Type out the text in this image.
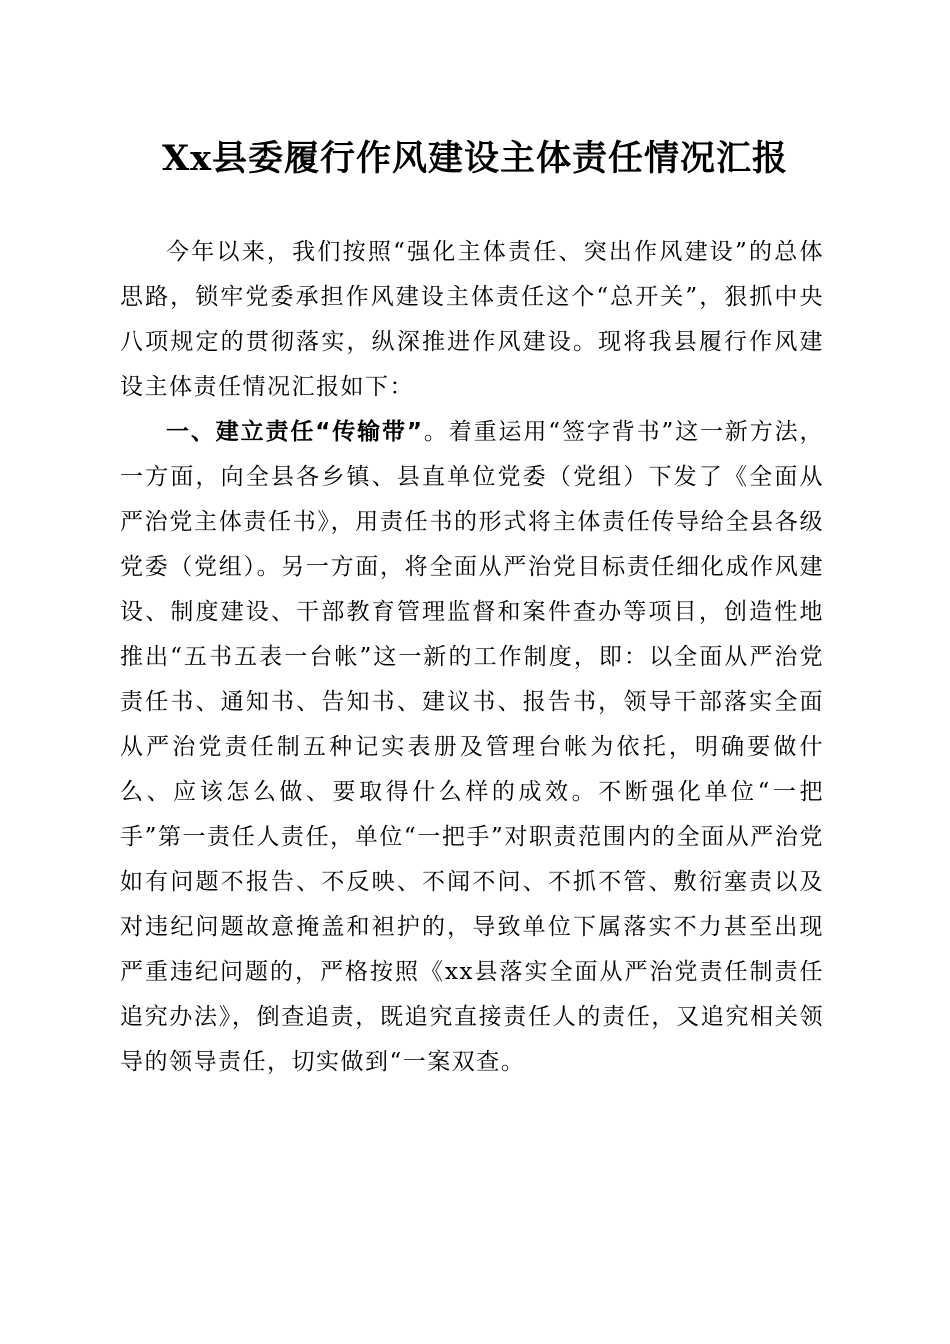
Xx县委履行作风建设主体责任情况汇报

今年以来，我们按照“强化主体责任、突出作风建设”的总体思路，锁牢党委承担作风建设主体责任这个“总开关”，狠抓中央八项规定的贯彻落实，纵深推进作风建设。现将我县履行作风建设主体责任情况汇报如下：

一、建立责任“传输带”。着重运用“签字背书”这一新方法，一方面，向全县各乡镇、县直单位党委（党组）下发了《全面从严治党主体责任书》，用责任书的形式将主体责任传导给全县各级党委（党组）。另一方面，将全面从严治党目标责任细化成作风建设、制度建设、干部教育管理监督和案件查办等项目，创造性地推出“五书五表一台帐”这一新的工作制度，即：以全面从严治党责任书、通知书、告知书、建议书、报告书，领导干部落实全面从严治党责任制五种记实表册及管理台帐为依托，明确要做什么、应该怎么做、要取得什么样的成效。不断强化单位“一把手”第一责任人责任，单位“一把手”对职责范围内的全面从严治党如有问题不报告、不反映、不闻不问、不抓不管、敷衍塞责以及对违纪问题故意掩盖和袒护的，导致单位下属落实不力甚至出现严重违纪问题的，严格按照《xx县落实全面从严治党责任制责任追究办法》，倒查追责，既追究直接责任人的责任，又追究相关领导的领导责任，切实做到“一案双查。
